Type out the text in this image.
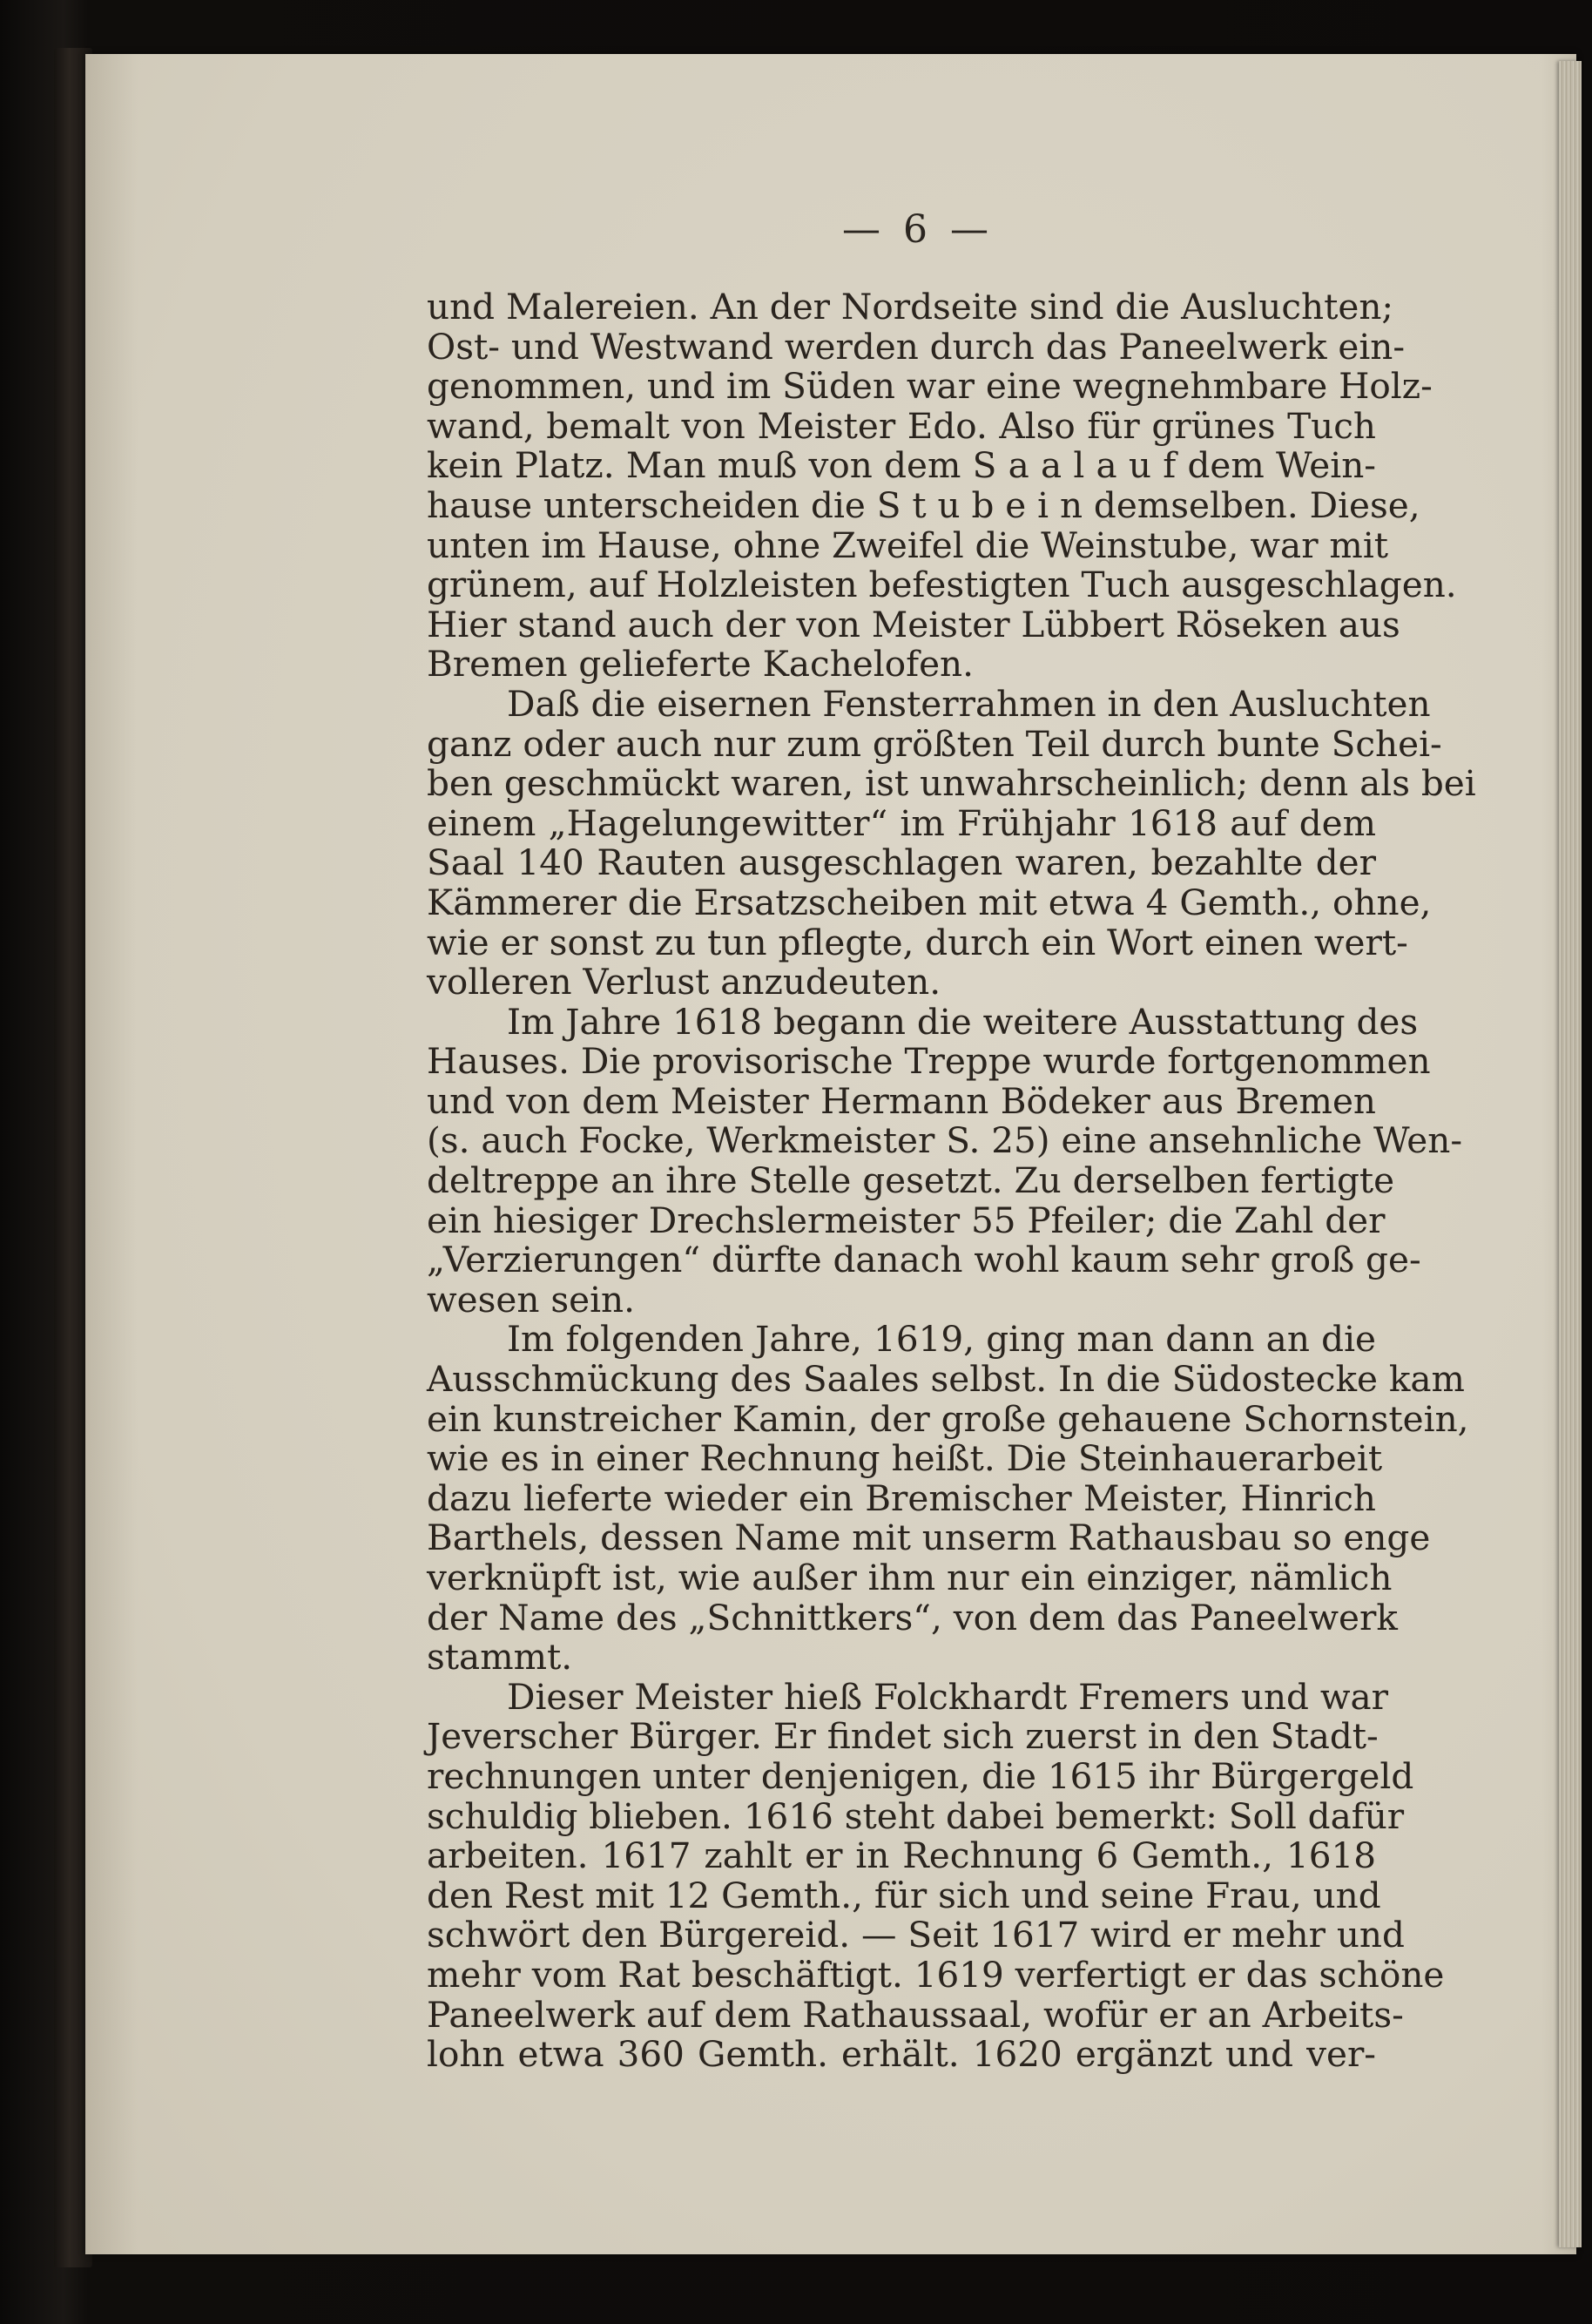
— 6 —
und Malereien. An der Nordseite sind die Ausluchten;
Ost- und Westwand werden durch das Paneelwerk ein-
genommen, und im Süden war eine wegnehmbare Holz-
wand, bemalt von Meister Edo. Also für grünes Tuch
kein Platz. Man muß von dem S a a l a u f dem Wein-
hause unterscheiden die S t u b e i n demselben. Diese,
unten im Hause, ohne Zweifel die Weinstube, war mit
grünem, auf Holzleisten befestigten Tuch ausgeschlagen.
Hier stand auch der von Meister Lübbert Röseken aus
Bremen gelieferte Kachelofen.
Daß die eisernen Fensterrahmen in den Ausluchten
ganz oder auch nur zum größten Teil durch bunte Schei-
ben geschmückt waren, ist unwahrscheinlich; denn als bei
einem „Hagelungewitter“ im Frühjahr 1618 auf dem
Saal 140 Rauten ausgeschlagen waren, bezahlte der
Kämmerer die Ersatzscheiben mit etwa 4 Gemth., ohne,
wie er sonst zu tun pflegte, durch ein Wort einen wert-
volleren Verlust anzudeuten.
Im Jahre 1618 begann die weitere Ausstattung des
Hauses. Die provisorische Treppe wurde fortgenommen
und von dem Meister Hermann Bödeker aus Bremen
(s. auch Focke, Werkmeister S. 25) eine ansehnliche Wen-
deltreppe an ihre Stelle gesetzt. Zu derselben fertigte
ein hiesiger Drechslermeister 55 Pfeiler; die Zahl der
„Verzierungen“ dürfte danach wohl kaum sehr groß ge-
wesen sein.
Im folgenden Jahre, 1619, ging man dann an die
Ausschmückung des Saales selbst. In die Südostecke kam
ein kunstreicher Kamin, der große gehauene Schornstein,
wie es in einer Rechnung heißt. Die Steinhauerarbeit
dazu lieferte wieder ein Bremischer Meister, Hinrich
Barthels, dessen Name mit unserm Rathausbau so enge
verknüpft ist, wie außer ihm nur ein einziger, nämlich
der Name des „Schnittkers“, von dem das Paneelwerk
stammt.
Dieser Meister hieß Folckhardt Fremers und war
Jeverscher Bürger. Er findet sich zuerst in den Stadt-
rechnungen unter denjenigen, die 1615 ihr Bürgergeld
schuldig blieben. 1616 steht dabei bemerkt: Soll dafür
arbeiten. 1617 zahlt er in Rechnung 6 Gemth., 1618
den Rest mit 12 Gemth., für sich und seine Frau, und
schwört den Bürgereid. — Seit 1617 wird er mehr und
mehr vom Rat beschäftigt. 1619 verfertigt er das schöne
Paneelwerk auf dem Rathaussaal, wofür er an Arbeits-
lohn etwa 360 Gemth. erhält. 1620 ergänzt und ver-
